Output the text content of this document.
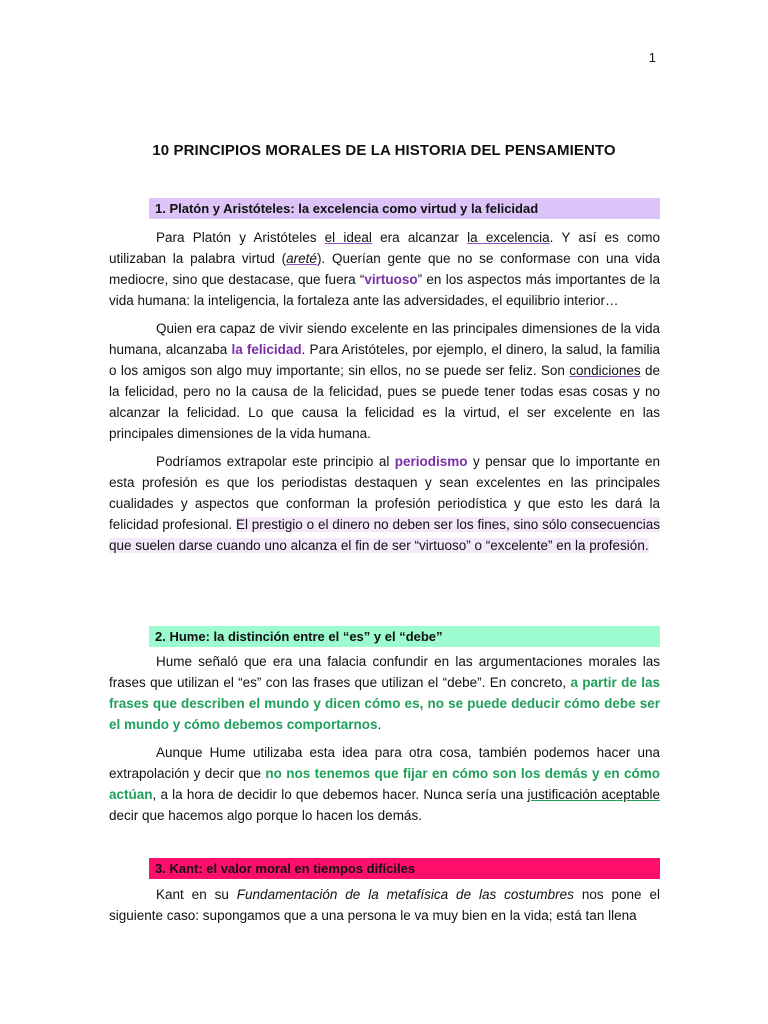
1
10 PRINCIPIOS MORALES DE LA HISTORIA DEL PENSAMIENTO
1. Platón y Aristóteles: la excelencia como virtud y la felicidad

Para Platón y Aristóteles el ideal era alcanzar la excelencia. Y así es como utilizaban la palabra virtud (areté). Querían gente que no se conformase con una vida mediocre, sino que destacase, que fuera “virtuoso” en los aspectos más importantes de la vida humana: la inteligencia, la fortaleza ante las adversidades, el equilibrio interior…

Quien era capaz de vivir siendo excelente en las principales dimensiones de la vida humana, alcanzaba la felicidad. Para Aristóteles, por ejemplo, el dinero, la salud, la familia o los amigos son algo muy importante; sin ellos, no se puede ser feliz. Son condiciones de la felicidad, pero no la causa de la felicidad, pues se puede tener todas esas cosas y no alcanzar la felicidad. Lo que causa la felicidad es la virtud, el ser excelente en las principales dimensiones de la vida humana.

Podríamos extrapolar este principio al periodismo y pensar que lo importante en esta profesión es que los periodistas destaquen y sean excelentes en las principales cualidades y aspectos que conforman la profesión periodística y que esto les dará la felicidad profesional. El prestigio o el dinero no deben ser los fines, sino sólo consecuencias que suelen darse cuando uno alcanza el fin de ser “virtuoso” o “excelente” en la profesión.

2. Hume: la distinción entre el “es” y el “debe”

Hume señaló que era una falacia confundir en las argumentaciones morales las frases que utilizan el “es” con las frases que utilizan el “debe”. En concreto, a partir de las frases que describen el mundo y dicen cómo es, no se puede deducir cómo debe ser el mundo y cómo debemos comportarnos.

Aunque Hume utilizaba esta idea para otra cosa, también podemos hacer una extrapolación y decir que no nos tenemos que fijar en cómo son los demás y en cómo actúan, a la hora de decidir lo que debemos hacer. Nunca sería una justificación aceptable decir que hacemos algo porque lo hacen los demás.

3. Kant: el valor moral en tiempos difíciles

Kant en su Fundamentación de la metafísica de las costumbres nos pone el siguiente caso: supongamos que a una persona le va muy bien en la vida; está tan llena
